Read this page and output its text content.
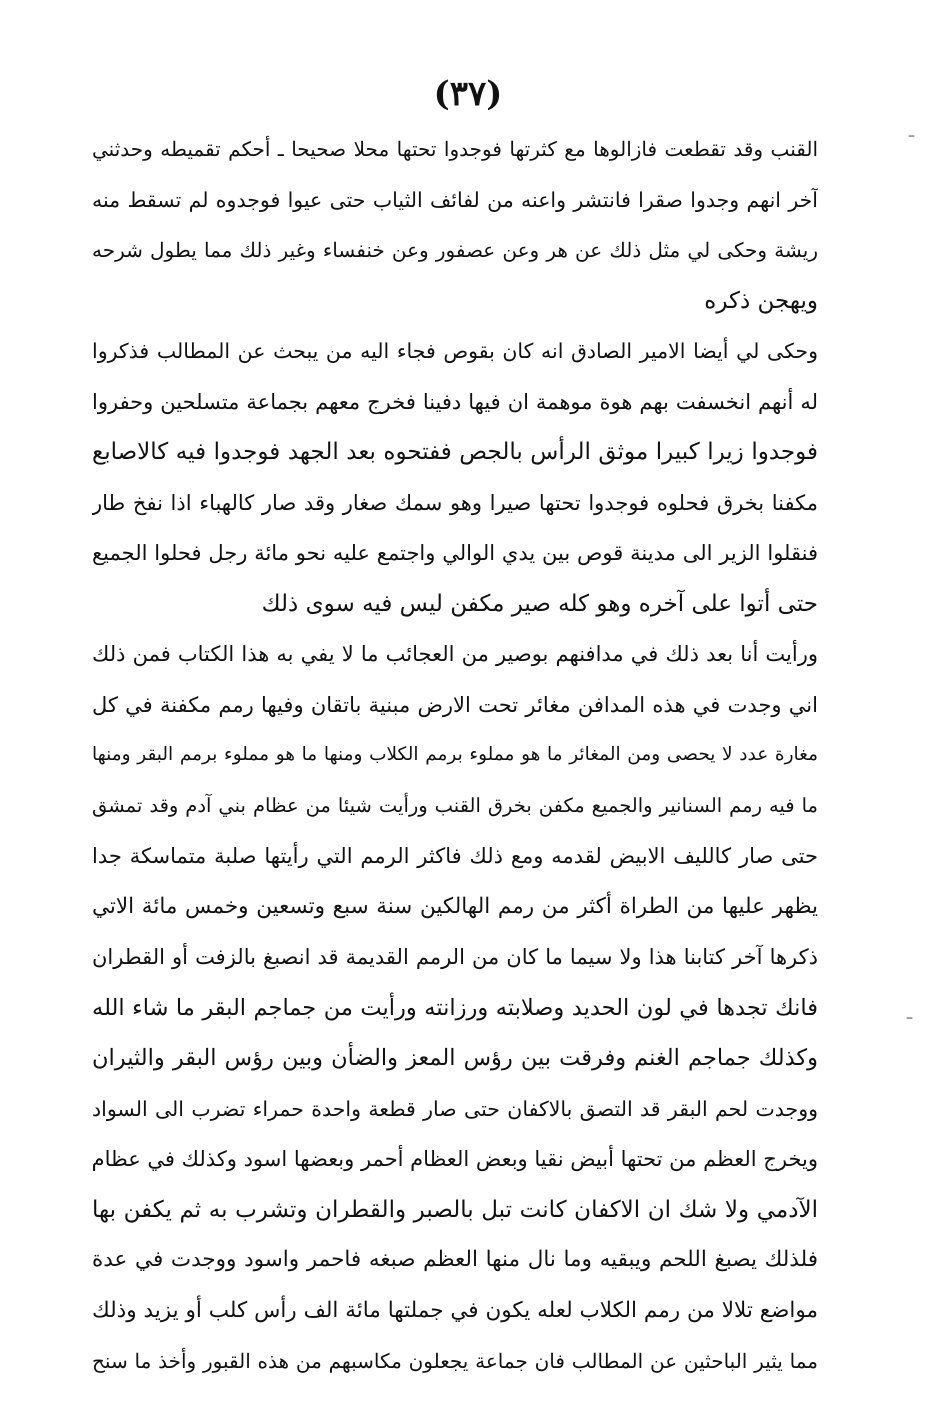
(٣٧)
–
–
القنب وقد تقطعت فازالوها مع كثرتها فوجدوا تحتها محلا صحيحا ـ أحكم تقميطه وحدثني
آخر انهم وجدوا صقرا فانتشر واعنه من لفائف الثياب حتى عيوا فوجدوه لم تسقط منه
ريشة وحكى لي مثل ذلك عن هر وعن عصفور وعن خنفساء وغير ذلك مما يطول شرحه
ويهجن ذكره
وحكى لي أيضا الامير الصادق انه كان بقوص فجاء اليه من يبحث عن المطالب فذكروا
له أنهم انخسفت بهم هوة موهمة ان فيها دفينا فخرج معهم بجماعة متسلحين وحفروا
فوجدوا زيرا كبيرا موثق الرأس بالجص ففتحوه بعد الجهد فوجدوا فيه كالاصابع
مكفنا بخرق فحلوه فوجدوا تحتها صيرا وهو سمك صغار وقد صار كالهباء اذا نفخ طار
فنقلوا الزير الى مدينة قوص بين يدي الوالي واجتمع عليه نحو مائة رجل فحلوا الجميع
حتى أتوا على آخره وهو كله صير مكفن ليس فيه سوى ذلك
ورأيت أنا بعد ذلك في مدافنهم بوصير من العجائب ما لا يفي به هذا الكتاب فمن ذلك
اني وجدت في هذه المدافن مغائر تحت الارض مبنية باتقان وفيها رمم مكفنة في كل
مغارة عدد لا يحصى ومن المغائر ما هو مملوء برمم الكلاب ومنها ما هو مملوء برمم البقر ومنها
ما فيه رمم السنانير والجميع مكفن بخرق القنب ورأيت شيئا من عظام بني آدم وقد تمشق
حتى صار كالليف الابيض لقدمه ومع ذلك فاكثر الرمم التي رأيتها صلبة متماسكة جدا
يظهر عليها من الطراة أكثر من رمم الهالكين سنة سبع وتسعين وخمس مائة الاتي
ذكرها آخر كتابنا هذا ولا سيما ما كان من الرمم القديمة قد انصبغ بالزفت أو القطران
فانك تجدها في لون الحديد وصلابته ورزانته ورأيت من جماجم البقر ما شاء الله
وكذلك جماجم الغنم وفرقت بين رؤس المعز والضأن وبين رؤس البقر والثيران
ووجدت لحم البقر قد التصق بالاكفان حتى صار قطعة واحدة حمراء تضرب الى السواد
ويخرج العظم من تحتها أبيض نقيا وبعض العظام أحمر وبعضها اسود وكذلك في عظام
الآدمي ولا شك ان الاكفان كانت تبل بالصبر والقطران وتشرب به ثم يكفن بها
فلذلك يصبغ اللحم ويبقيه وما نال منها العظم صبغه فاحمر واسود ووجدت في عدة
مواضع تلالا من رمم الكلاب لعله يكون في جملتها مائة الف رأس كلب أو يزيد وذلك
مما يثير الباحثين عن المطالب فان جماعة يجعلون مكاسبهم من هذه القبور وأخذ ما سنح
